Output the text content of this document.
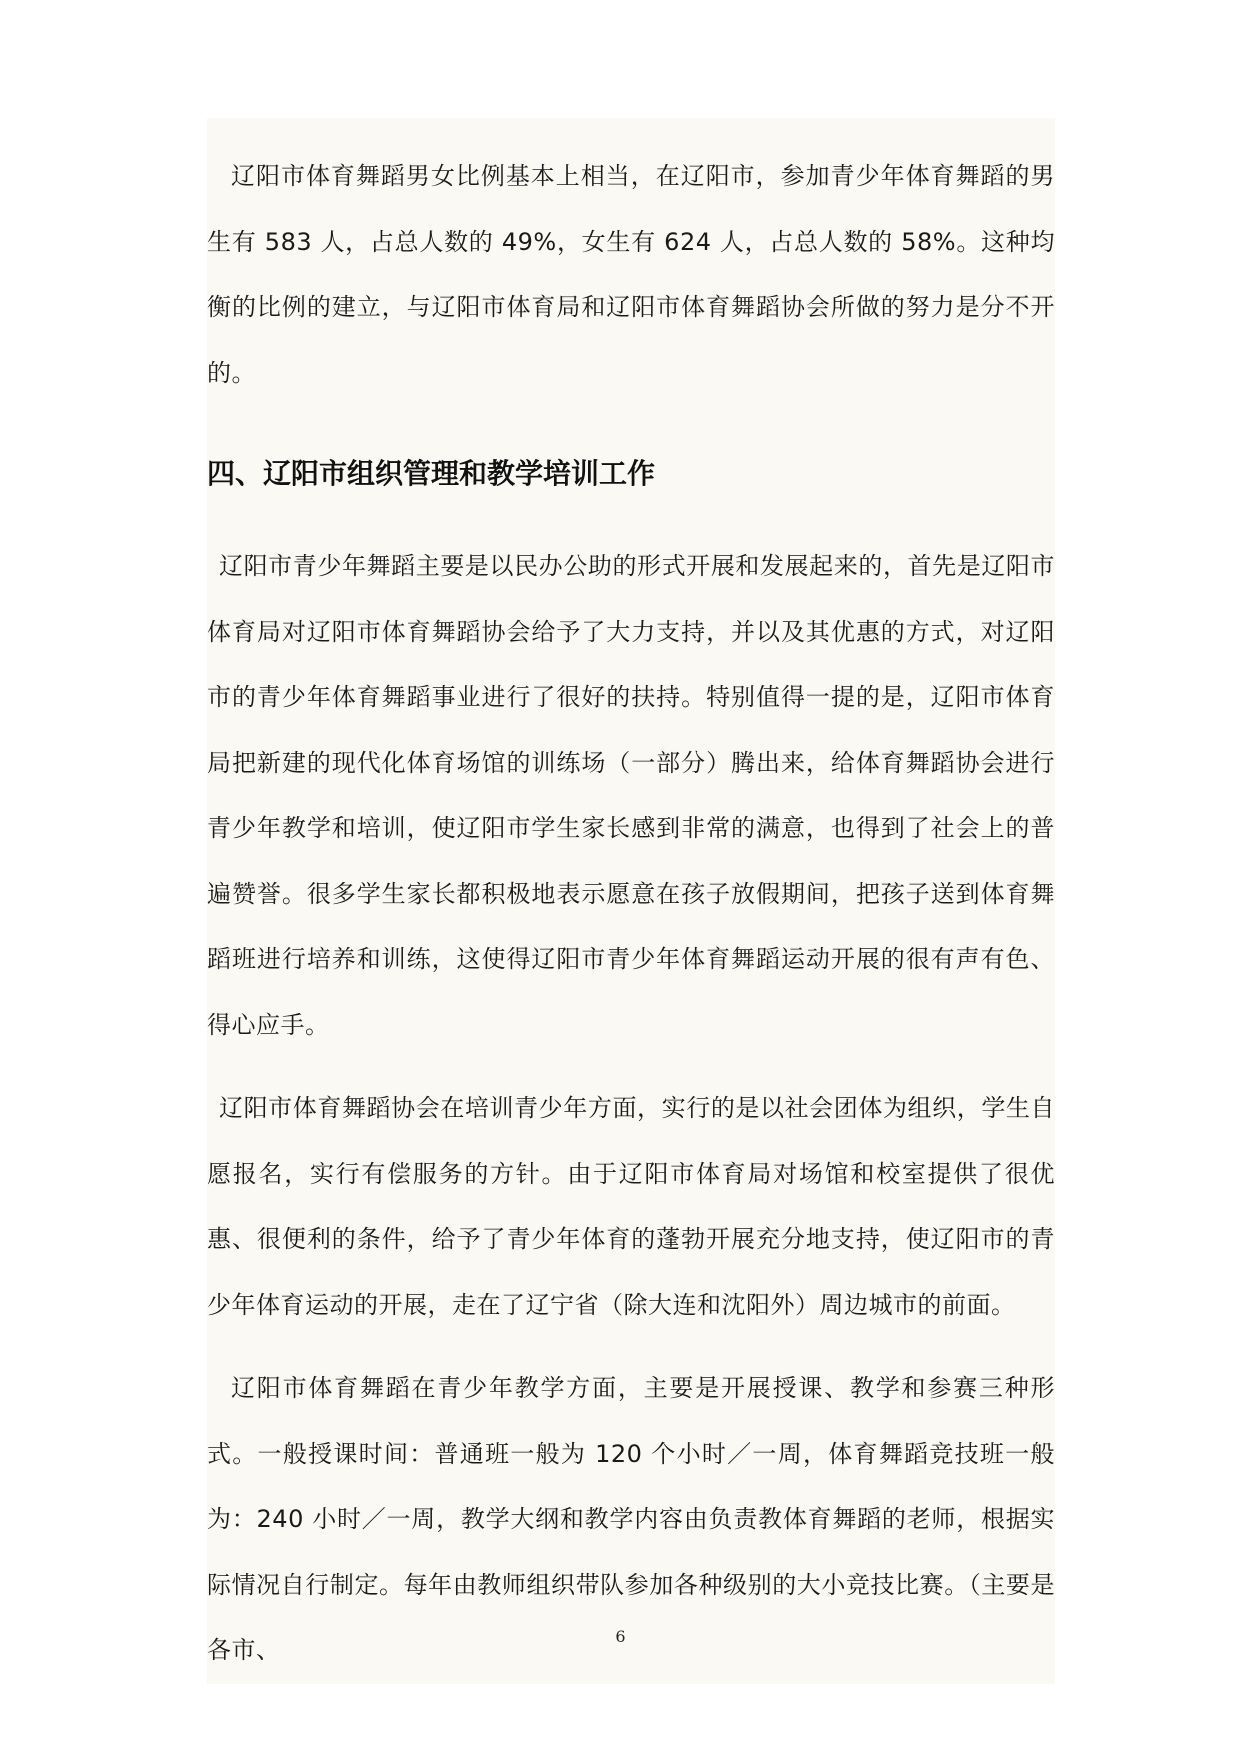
辽阳市体育舞蹈男女比例基本上相当，在辽阳市，参加青少年体育舞蹈的男生有 583 人，占总人数的 49%，女生有 624 人，占总人数的 58%。这种均衡的比例的建立，与辽阳市体育局和辽阳市体育舞蹈协会所做的努力是分不开的。

四、辽阳市组织管理和教学培训工作

辽阳市青少年舞蹈主要是以民办公助的形式开展和发展起来的，首先是辽阳市体育局对辽阳市体育舞蹈协会给予了大力支持，并以及其优惠的方式，对辽阳市的青少年体育舞蹈事业进行了很好的扶持。特别值得一提的是，辽阳市体育局把新建的现代化体育场馆的训练场（一部分）腾出来，给体育舞蹈协会进行青少年教学和培训，使辽阳市学生家长感到非常的满意，也得到了社会上的普遍赞誉。很多学生家长都积极地表示愿意在孩子放假期间，把孩子送到体育舞蹈班进行培养和训练，这使得辽阳市青少年体育舞蹈运动开展的很有声有色、得心应手。

辽阳市体育舞蹈协会在培训青少年方面，实行的是以社会团体为组织，学生自愿报名，实行有偿服务的方针。由于辽阳市体育局对场馆和校室提供了很优惠、很便利的条件，给予了青少年体育的蓬勃开展充分地支持，使辽阳市的青少年体育运动的开展，走在了辽宁省（除大连和沈阳外）周边城市的前面。

辽阳市体育舞蹈在青少年教学方面，主要是开展授课、教学和参赛三种形式。一般授课时间：普通班一般为 120 个小时／一周，体育舞蹈竞技班一般为：240 小时／一周，教学大纲和教学内容由负责教体育舞蹈的老师，根据实际情况自行制定。每年由教师组织带队参加各种级别的大小竞技比赛。（主要是各市、	6
